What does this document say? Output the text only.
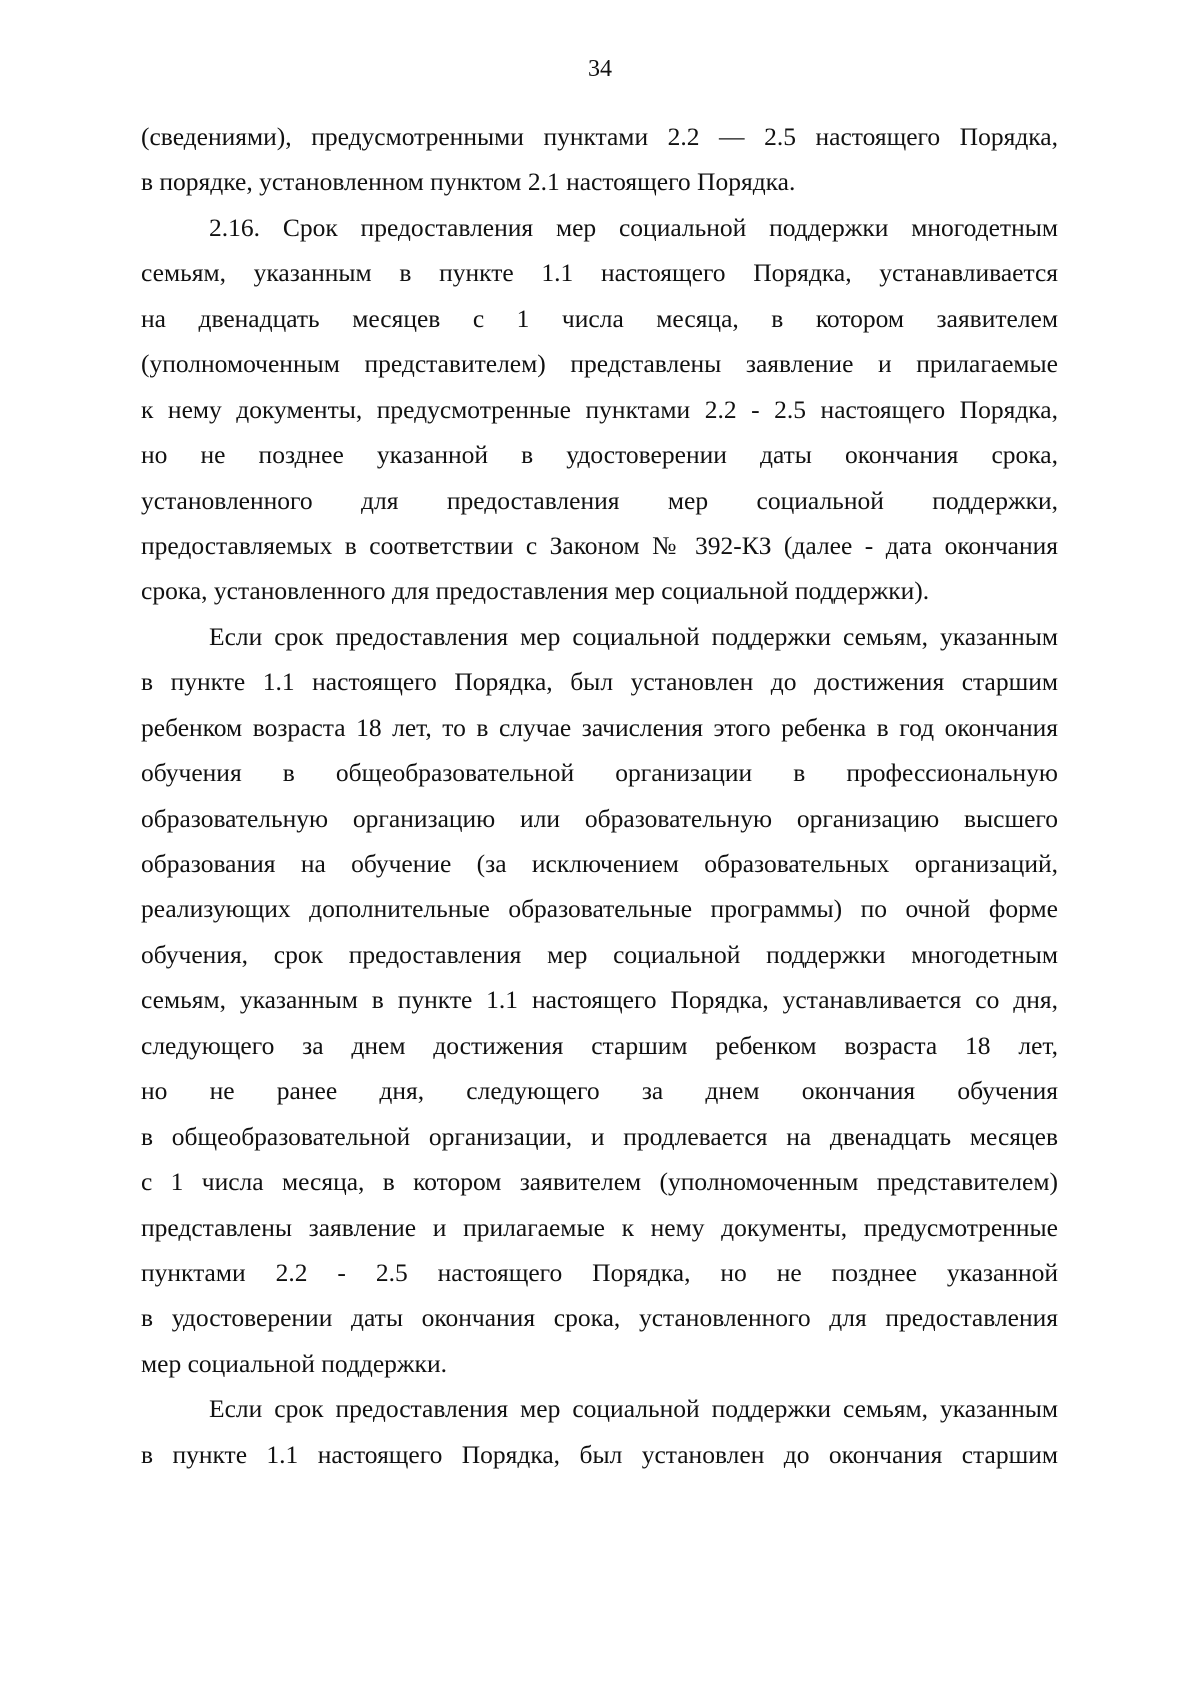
34
(сведениями), предусмотренными пунктами 2.2 — 2.5 настоящего Порядка,
в порядке, установленном пунктом 2.1 настоящего Порядка.
2.16. Срок предоставления мер социальной поддержки многодетным
семьям, указанным в пункте 1.1 настоящего Порядка, устанавливается
на двенадцать месяцев с 1 числа месяца, в котором заявителем
(уполномоченным представителем) представлены заявление и прилагаемые
к нему документы, предусмотренные пунктами 2.2 - 2.5 настоящего Порядка,
но не позднее указанной в удостоверении даты окончания срока,
установленного для предоставления мер социальной поддержки,
предоставляемых в соответствии с Законом № 392-КЗ (далее - дата окончания
срока, установленного для предоставления мер социальной поддержки).
Если срок предоставления мер социальной поддержки семьям, указанным
в пункте 1.1 настоящего Порядка, был установлен до достижения старшим
ребенком возраста 18 лет, то в случае зачисления этого ребенка в год окончания
обучения в общеобразовательной организации в профессиональную
образовательную организацию или образовательную организацию высшего
образования на обучение (за исключением образовательных организаций,
реализующих дополнительные образовательные программы) по очной форме
обучения, срок предоставления мер социальной поддержки многодетным
семьям, указанным в пункте 1.1 настоящего Порядка, устанавливается со дня,
следующего за днем достижения старшим ребенком возраста 18 лет,
но не ранее дня, следующего за днем окончания обучения
в общеобразовательной организации, и продлевается на двенадцать месяцев
с 1 числа месяца, в котором заявителем (уполномоченным представителем)
представлены заявление и прилагаемые к нему документы, предусмотренные
пунктами 2.2 - 2.5 настоящего Порядка, но не позднее указанной
в удостоверении даты окончания срока, установленного для предоставления
мер социальной поддержки.
Если срок предоставления мер социальной поддержки семьям, указанным
в пункте 1.1 настоящего Порядка, был установлен до окончания старшим
